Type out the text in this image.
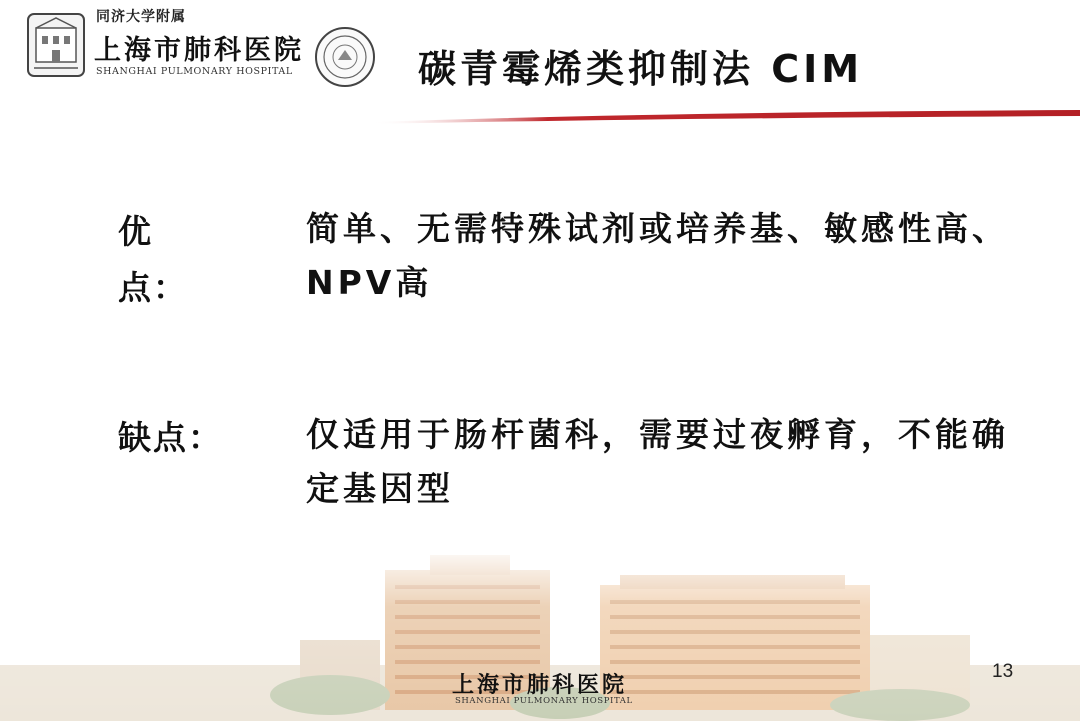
同济大学附属
上海市肺科医院
SHANGHAI PULMONARY HOSPITAL	碳青霉烯类抑制法 CIM
优
点：
简单、无需特殊试剂或培养基、敏感性高、NPV高
缺点：	仅适用于肠杆菌科，需要过夜孵育，不能确定基因型
13
上海市肺科医院
SHANGHAI PULMONARY HOSPITAL
